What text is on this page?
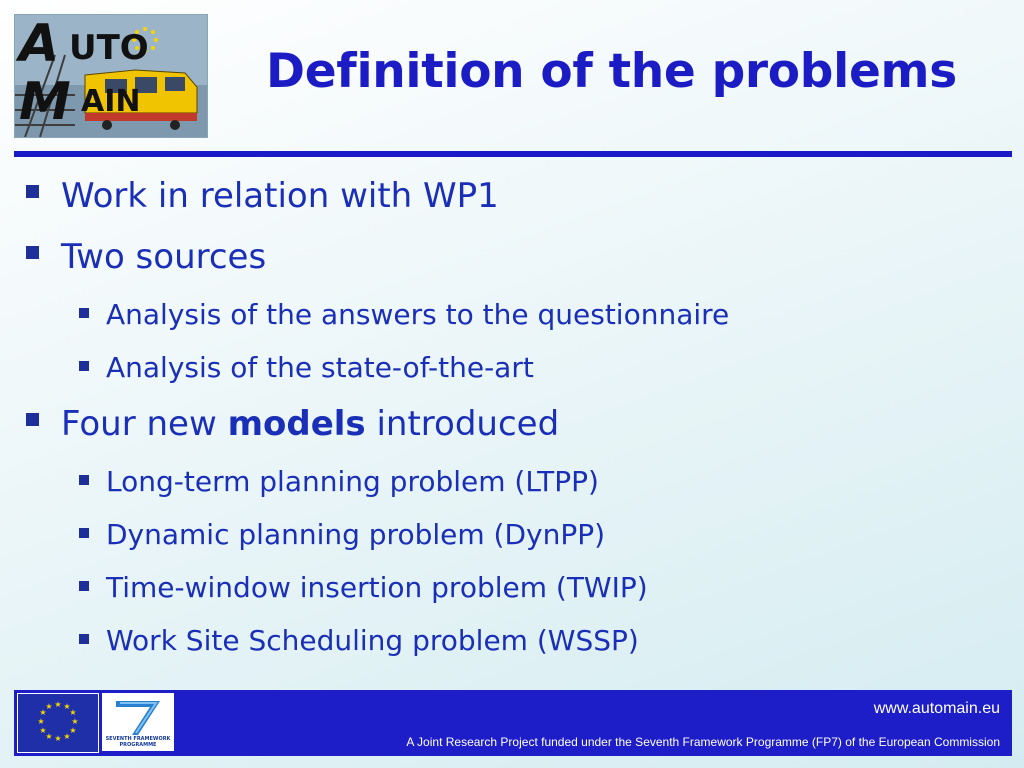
A
M
UTO
AIN
Definition of the problems
Work in relation with WP1
Two sources
Analysis of the answers to the questionnaire
Analysis of the state-of-the-art
Four new models introduced
Long-term planning problem (LTPP)
Dynamic planning problem (DynPP)
Time-window insertion problem (TWIP)
Work Site Scheduling problem (WSSP)
★ ★
★
★
★
★
★
★
★
★
★
★
SEVENTH FRAMEWORK
PROGRAMME
www.automain.eu
A Joint Research Project funded under the Seventh Framework Programme (FP7) of the European Commission
